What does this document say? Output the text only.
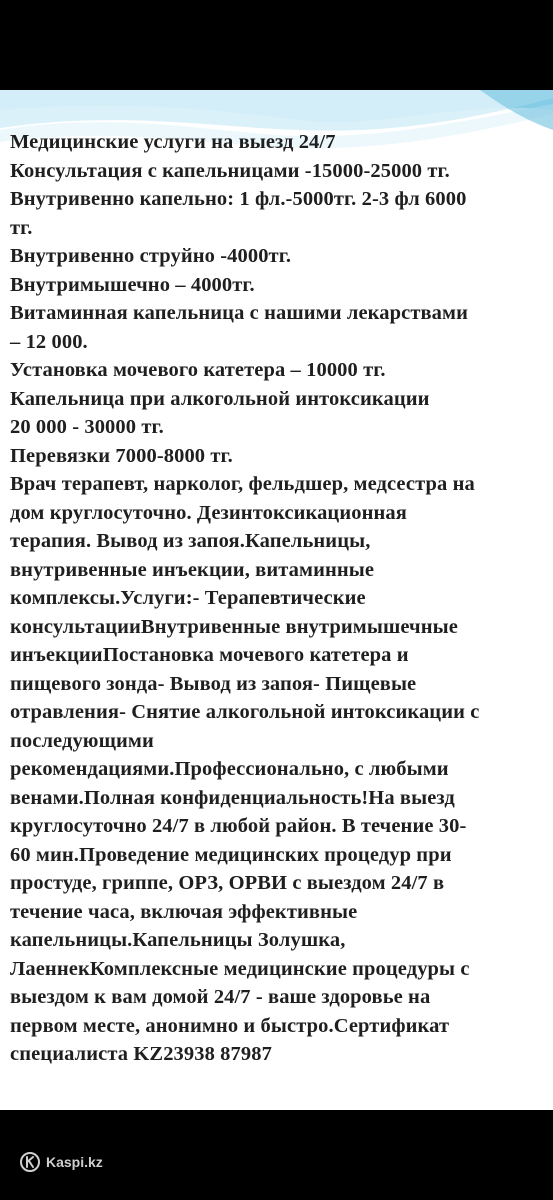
Медицинские услуги на выезд 24/7
Консультация с капельницами -15000-25000 тг.
Внутривенно капельно: 1 фл.-5000тг. 2-3 фл 6000
тг.
Внутривенно струйно -4000тг.
Внутримышечно – 4000тг.
Витаминная капельница с нашими лекарствами
– 12 000.
Установка мочевого катетера – 10000 тг.
Капельница при алкогольной интоксикации
20 000 - 30000 тг.
Перевязки 7000-8000 тг.
Врач терапевт, нарколог, фельдшер, медсестра на
дом круглосуточно. Дезинтоксикационная
терапия. Вывод из запоя.Капельницы,
внутривенные инъекции, витаминные
комплексы.Услуги:- Терапевтические
консультацииВнутривенные внутримышечные
инъекцииПостановка мочевого катетера и
пищевого зонда- Вывод из запоя- Пищевые
отравления- Снятие алкогольной интоксикации с
последующими
рекомендациями.Профессионально, с любыми
венами.Полная конфиденциальность!На выезд
круглосуточно 24/7 в любой район. В течение 30-
60 мин.Проведение медицинских процедур при
простуде, гриппе, ОРЗ, ОРВИ с выездом 24/7 в
течение часа, включая эффективные
капельницы.Капельницы Золушка,
ЛаеннекКомплексные медицинские процедуры с
выездом к вам домой 24/7 - ваше здоровье на
первом месте, анонимно и быстро.Сертификат
специалиста KZ23938 87987
Kaspi.kz
